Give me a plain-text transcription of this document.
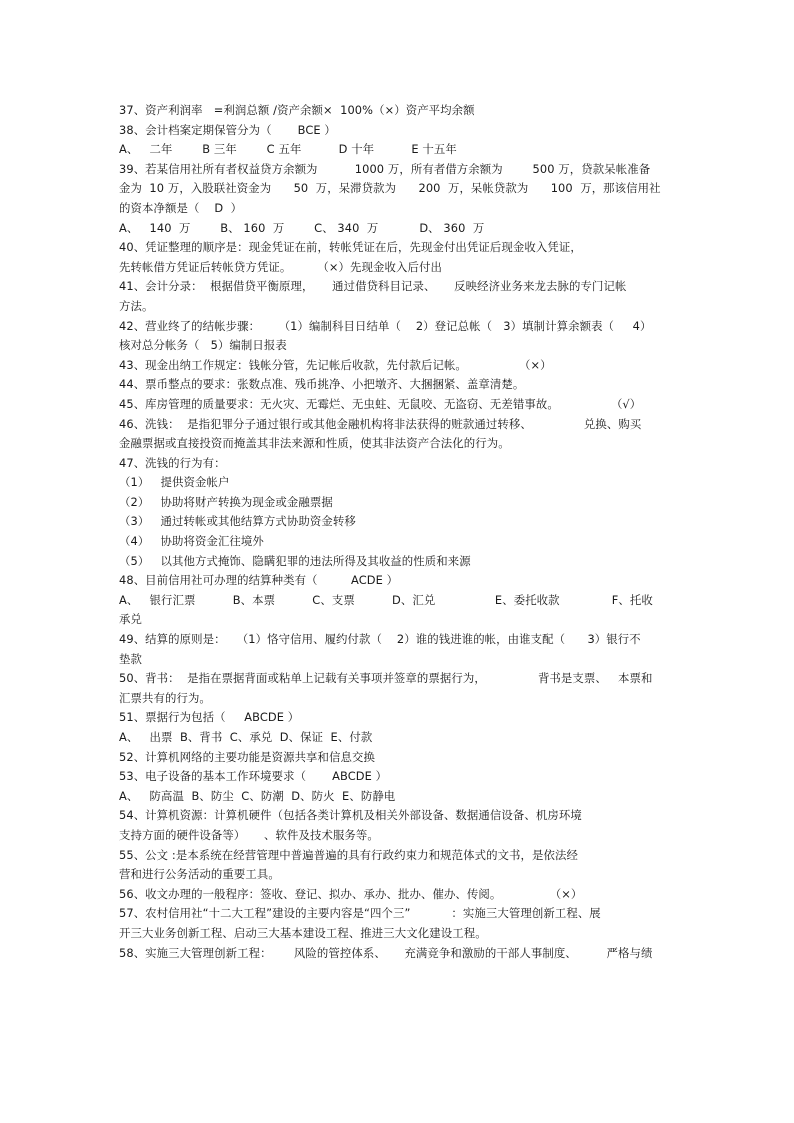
37、资产利润率   =利润总额 /资产余额×  100%（×）资产平均余额
38、会计档案定期保管分为（       BCE ）
A、   二年        B 三年        C 五年          D 十年          E 十五年
39、若某信用社所有者权益贷方余额为          1000 万，所有者借方余额为        500 万，贷款呆帐准备
金为  10 万，入股联社资金为      50  万，呆滞贷款为      200  万，呆帐贷款为      100  万，那该信用社
的资本净额是（    D  ）
A、   140  万        B、 160  万        C、 340  万           D、 360  万
40、凭证整理的顺序是：现金凭证在前，转帐凭证在后，先现金付出凭证后现金收入凭证，
先转帐借方凭证后转帐贷方凭证。       （×）先现金收入后付出
41、会计分录：  根据借贷平衡原理，     通过借贷科目记录、     反映经济业务来龙去脉的专门记帐
方法。
42、营业终了的结帐步骤：     （1）编制科目日结单（    2）登记总帐（   3）填制计算余额表（     4）
核对总分帐务（   5）编制日报表
43、现金出纳工作规定：钱帐分管，先记帐后收款，先付款后记帐。              （×）
44、票币整点的要求：张数点准、残币挑净、小把墩齐、大捆捆紧、盖章清楚。
45、库房管理的质量要求：无火灾、无霉烂、无虫蛀、无鼠咬、无盗窃、无差错事故。              （√）
46、洗钱：  是指犯罪分子通过银行或其他金融机构将非法获得的赃款通过转移、              兑换、购买
金融票据或直接投资而掩盖其非法来源和性质，使其非法资产合法化的行为。
47、洗钱的行为有：
（1）   提供资金帐户
（2）   协助将财产转换为现金或金融票据
（3）   通过转帐或其他结算方式协助资金转移
（4）   协助将资金汇往境外
（5）   以其他方式掩饰、隐瞒犯罪的违法所得及其收益的性质和来源
48、目前信用社可办理的结算种类有（         ACDE ）
A、   银行汇票          B、本票          C、支票          D、汇兑                E、委托收款              F、托收
承兑
49、结算的原则是：   （1）恪守信用、履约付款（    2）谁的钱进谁的帐，由谁支配（      3）银行不
垫款
50、背书：  是指在票据背面或粘单上记载有关事项并签章的票据行为，              背书是支票、   本票和
汇票共有的行为。
51、票据行为包括（     ABCDE ）
A、   出票  B、背书  C、承兑  D、保证  E、付款
52、计算机网络的主要功能是资源共享和信息交换
53、电子设备的基本工作环境要求（       ABCDE ）
A、   防高温  B、防尘  C、防潮  D、防火  E、防静电
54、计算机资源：计算机硬件（包括各类计算机及相关外部设备、数据通信设备、机房环境
支持方面的硬件设备等）     、软件及技术服务等。
55、公文 :是本系统在经营管理中普遍普遍的具有行政约束力和规范体式的文书，是依法经
营和进行公务活动的重要工具。
56、收文办理的一般程序：签收、登记、拟办、承办、批办、催办、传阅。             （×）
57、农村信用社“十二大工程”建设的主要内容是“四个三”           ：实施三大管理创新工程、展
开三大业务创新工程、启动三大基本建设工程、推进三大文化建设工程。
58、实施三大管理创新工程：      风险的管控体系、     充满竞争和激励的干部人事制度、        严格与绩
